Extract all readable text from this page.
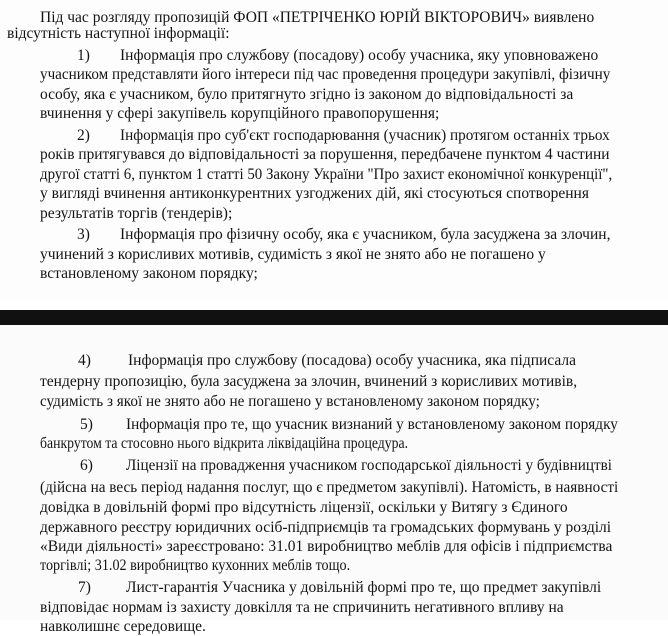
Під час розгляду пропозицій ФОП «ПЕТРІЧЕНКО ЮРІЙ ВІКТОРОВИЧ» виявлено
відсутність наступної інформації:
1) Інформація про службову (посадову) особу учасника, яку уповноважено
учасником представляти його інтереси під час проведення процедури закупівлі, фізичну
особу, яка є учасником, було притягнуто згідно із законом до відповідальності за
вчинення у сфері закупівель корупційного правопорушення;
2) Інформація про суб'єкт господарювання (учасник) протягом останніх трьох
років притягувався до відповідальності за порушення, передбачене пунктом 4 частини
другої статті 6, пунктом 1 статті 50 Закону України "Про захист економічної конкуренції",
у вигляді вчинення антиконкурентних узгоджених дій, які стосуються спотворення
результатів торгів (тендерів);
3) Інформація про фізичну особу, яка є учасником, була засуджена за злочин,
учинений з корисливих мотивів, судимість з якої не знято або не погашено у
встановленому законом порядку;
4) Інформація про службову (посадова) особу учасника, яка підписала
тендерну пропозицію, була засуджена за злочин, вчинений з корисливих мотивів,
судимість з якої не знято або не погашено у встановленому законом порядку;
5) Інформація про те, що учасник визнаний у встановленому законом порядку
банкрутом та стосовно нього відкрита ліквідаційна процедура.
6) Ліцензії на провадження учасником господарської діяльності у будівництві
(дійсна на весь період надання послуг, що є предметом закупівлі). Натомість, в наявності
довідка в довільній формі про відсутність ліцензії, оскільки у Витягу з Єдиного
державного реєстру юридичних осіб-підприємців та громадських формувань у розділі
«Види діяльності» зареєстровано: 31.01 виробництво меблів для офісів і підприємства
торгівлі; 31.02 виробництво кухонних меблів тощо.
7) Лист-гарантія Учасника у довільній формі про те, що предмет закупівлі
відповідає нормам із захисту довкілля та не спричинить негативного впливу на
навколишнє середовище.
